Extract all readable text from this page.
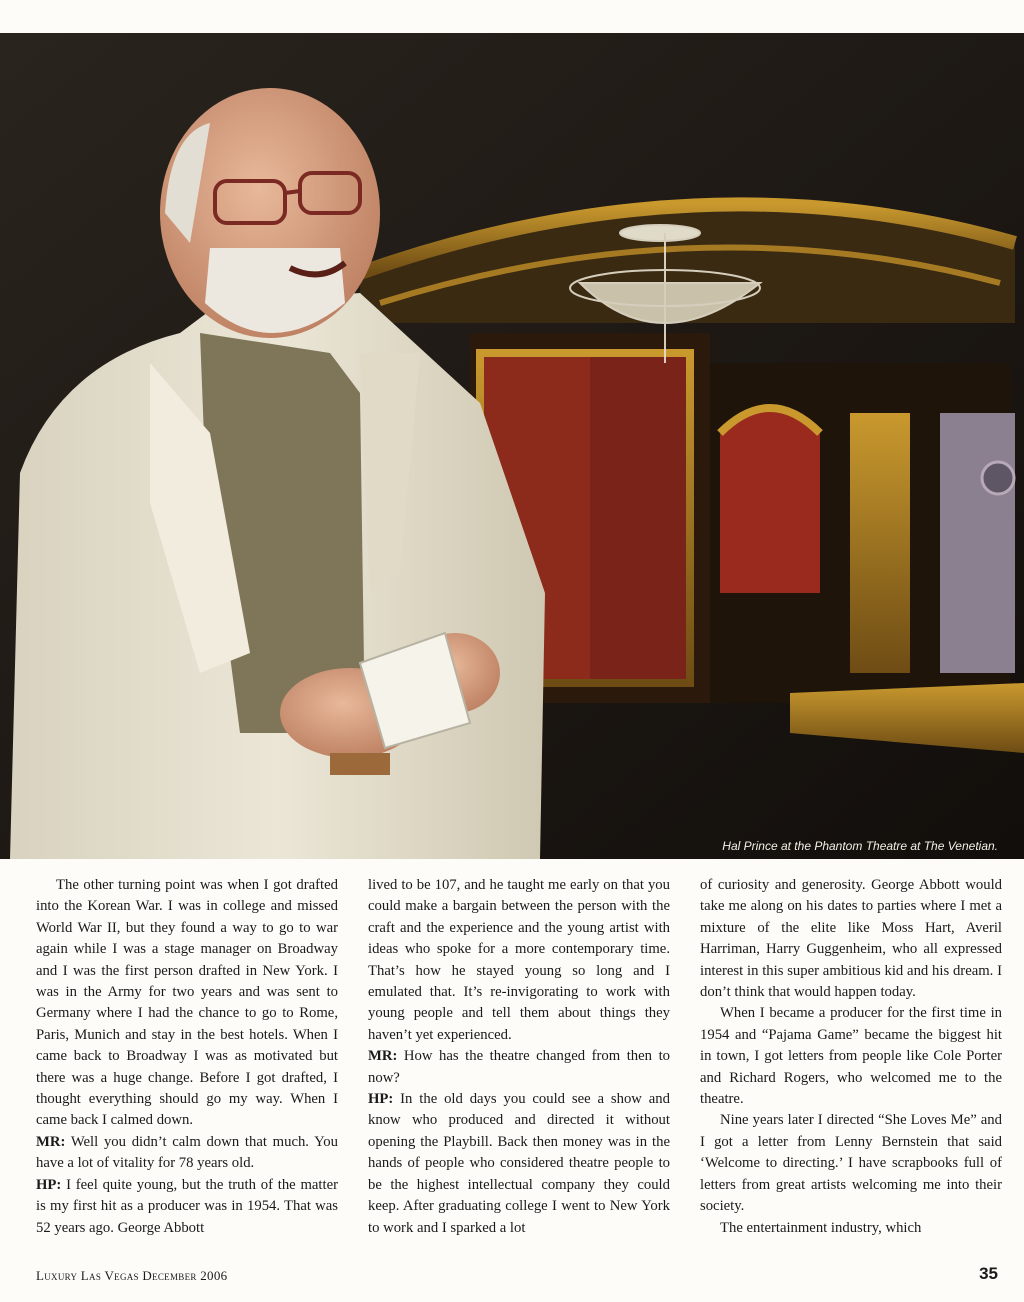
Hal Prince at the Phantom Theatre at The Venetian.

The other turning point was when I got drafted into the Korean War. I was in college and missed World War II, but they found a way to go to war again while I was a stage manager on Broadway and I was the first person drafted in New York. I was in the Army for two years and was sent to Germany where I had the chance to go to Rome, Paris, Munich and stay in the best hotels. When I came back to Broadway I was as motivated but there was a huge change. Before I got drafted, I thought everything should go my way. When I came back I calmed down.

MR: Well you didn’t calm down that much. You have a lot of vitality for 78 years old.

HP: I feel quite young, but the truth of the matter is my first hit as a producer was in 1954. That was 52 years ago. George Abbott

lived to be 107, and he taught me early on that you could make a bargain between the person with the craft and the experience and the young artist with ideas who spoke for a more contemporary time. That’s how he stayed young so long and I emulated that. It’s re-invigorating to work with young people and tell them about things they haven’t yet experienced.

MR: How has the theatre changed from then to now?

HP: In the old days you could see a show and know who produced and directed it without opening the Playbill. Back then money was in the hands of people who considered theatre people to be the highest intellectual company they could keep. After graduating college I went to New York to work and I sparked a lot

of curiosity and generosity. George Abbott would take me along on his dates to parties where I met a mixture of the elite like Moss Hart, Averil Harriman, Harry Guggenheim, who all expressed interest in this super ambitious kid and his dream. I don’t think that would happen today.

When I became a producer for the first time in 1954 and “Pajama Game” became the biggest hit in town, I got letters from people like Cole Porter and Richard Rogers, who welcomed me to the theatre.

Nine years later I directed “She Loves Me” and I got a letter from Lenny Bernstein that said ‘Welcome to directing.’ I have scrapbooks full of letters from great artists welcoming me into their society.

The entertainment industry, which

Luxury Las Vegas December 2006	35
